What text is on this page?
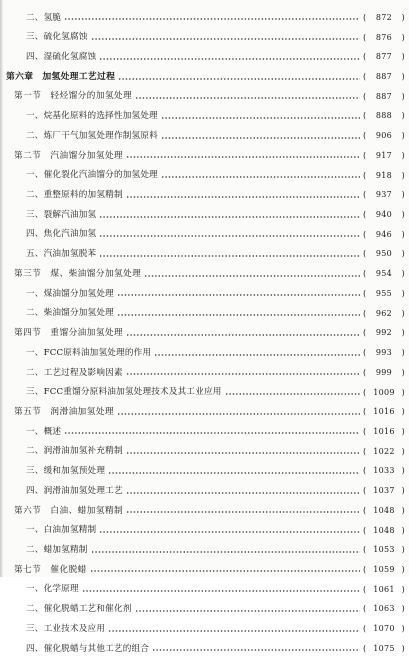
二、氢脆	( 872 )
三、硫化氢腐蚀	( 876 )
四、湿硫化氢腐蚀	( 877 )
第六章　加氢处理工艺过程	( 887 )
第一节　轻烃馏分的加氢处理	( 887 )
一、烷基化原料的选择性加氢处理	( 888 )
二、炼厂干气加氢处理作制氢原料	( 906 )
第二节　汽油馏分加氢处理	( 917 )
一、催化裂化汽油馏分的加氢处理	( 918 )
二、重整原料的加氢精制	( 937 )
三、裂解汽油加氢	( 940 )
四、焦化汽油加氢	( 946 )
五、汽油加氢脱苯	( 950 )
第三节　煤、柴油馏分加氢处理	( 954 )
一、煤油馏分加氢处理	( 955 )
二、柴油馏分加氢处理	( 962 )
第四节　重馏分油加氢处理	( 992 )
一、FCC原料油加氢处理的作用	( 993 )
二、工艺过程及影响因素	( 999 )
三、FCC重馏分原料油加氢处理技术及其工业应用	( 1009 )
第五节　润滑油加氢处理	( 1016 )
一、概述	( 1016 )
二、润滑油加氢补充精制	( 1022 )
三、缓和加氢预处理	( 1033 )
四、润滑油加氢处理工艺	( 1037 )
第六节　白油、蜡加氢精制	( 1048 )
一、白油加氢精制	( 1048 )
二、蜡加氢精制	( 1053 )
第七节　催化脱蜡	( 1059 )
一、化学原理	( 1061 )
二、催化脱蜡工艺和催化剂	( 1063 )
三、工业技术及应用	( 1070 )
四、催化脱蜡与其他工艺的组合	( 1075 )
